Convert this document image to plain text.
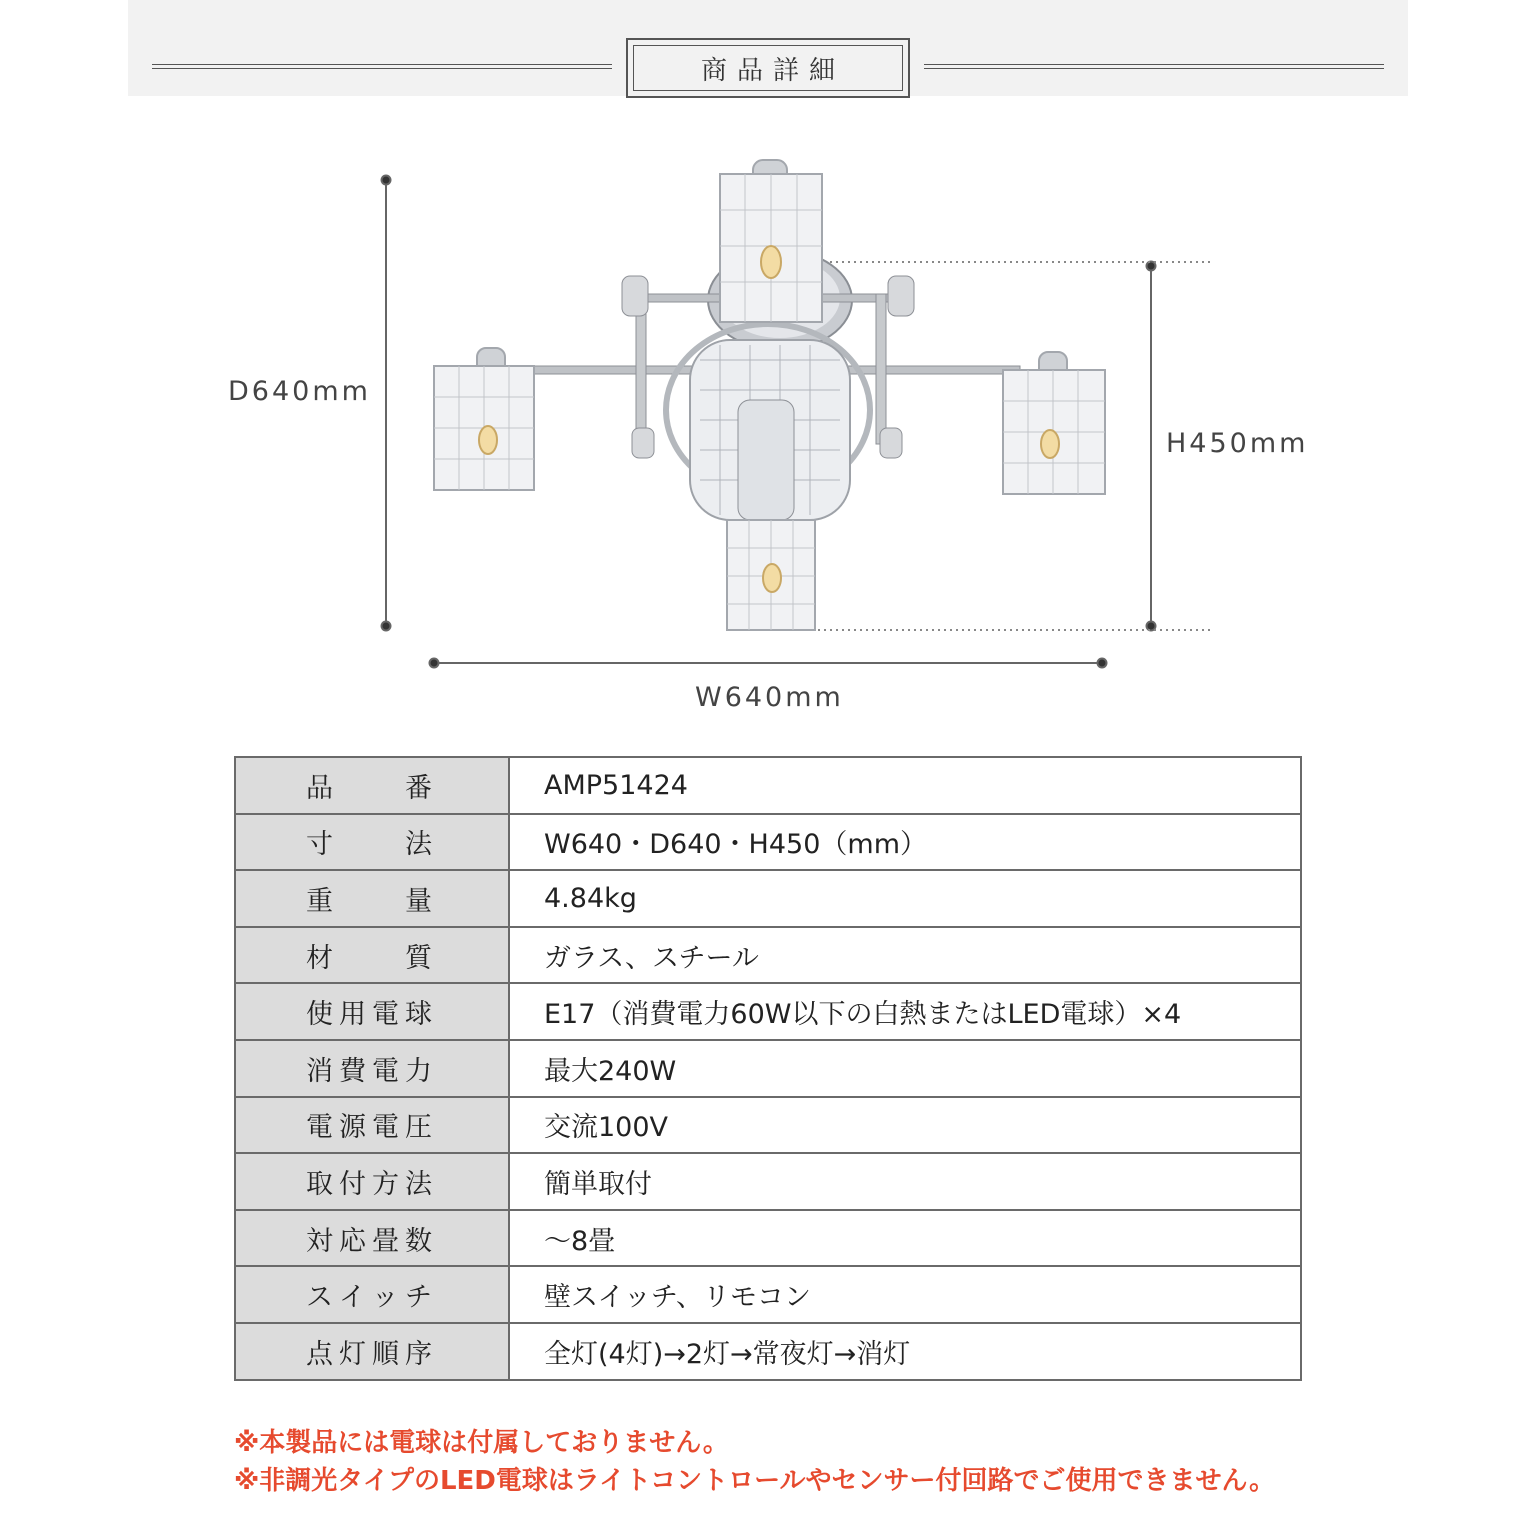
商品詳細
D640mm
H450mm
W640mm
品番	AMP51424
寸法	W640・D640・H450（mm）
重量	4.84kg
材質	ガラス、スチール
使用電球	E17（消費電力60W以下の白熱またはLED電球）×4
消費電力	最大240W
電源電圧	交流100V
取付方法	簡単取付
対応畳数	～8畳
スイッチ	壁スイッチ、リモコン
点灯順序	全灯(4灯)→2灯→常夜灯→消灯
※本製品には電球は付属しておりません。
※非調光タイプのLED電球はライトコントロールやセンサー付回路でご使用できません。
